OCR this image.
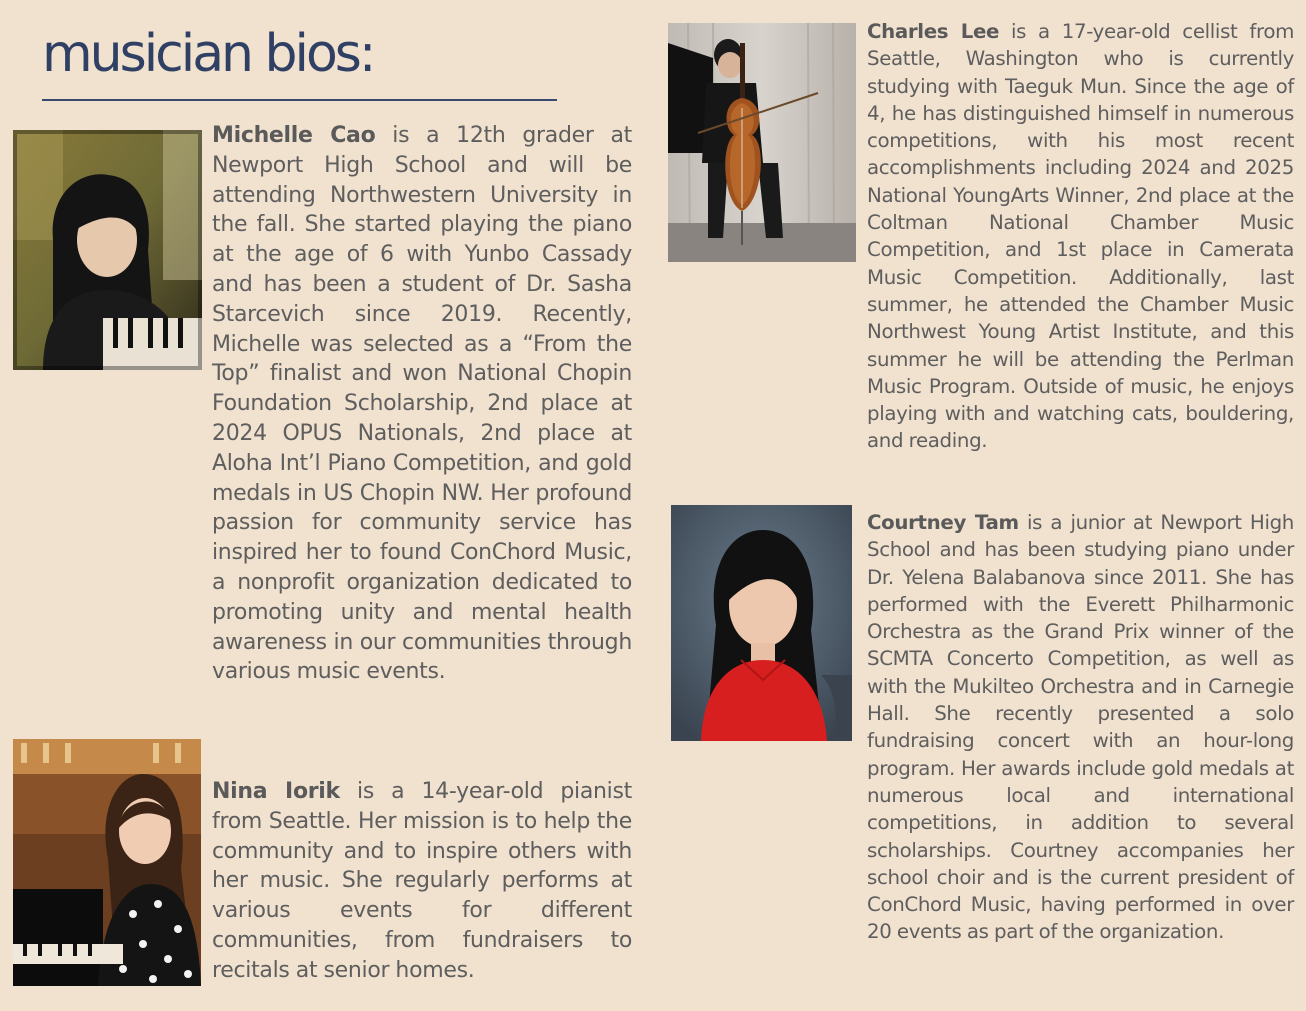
musician bios:

Michelle Cao is a 12th grader at Newport High School and will be attending Northwestern University in the fall. She started playing the piano at the age of 6 with Yunbo Cassady and has been a student of Dr. Sasha Starcevich since 2019. Recently, Michelle was selected as a “From the Top” finalist and won National Chopin Foundation Scholarship, 2nd place at 2024 OPUS Nationals, 2nd place at Aloha Int’l Piano Competition, and gold medals in US Chopin NW. Her profound passion for community service has inspired her to found ConChord Music, a nonprofit organization dedicated to promoting unity and mental health awareness in our communities through various music events.

Nina Iorik is a 14-year-old pianist from Seattle. Her mission is to help the community and to inspire others with her music. She regularly performs at various events for different communities, from fundraisers to recitals at senior homes.

Charles Lee is a 17-year-old cellist from Seattle, Washington who is currently studying with Taeguk Mun. Since the age of 4, he has distinguished himself in numerous competitions, with his most recent accomplishments including 2024 and 2025 National YoungArts Winner, 2nd place at the Coltman National Chamber Music Competition, and 1st place in Camerata Music Competition. Additionally, last summer, he attended the Chamber Music Northwest Young Artist Institute, and this summer he will be attending the Perlman Music Program. Outside of music, he enjoys playing with and watching cats, bouldering, and reading.

Courtney Tam is a junior at Newport High School and has been studying piano under Dr. Yelena Balabanova since 2011. She has performed with the Everett Philharmonic Orchestra as the Grand Prix winner of the SCMTA Concerto Competition, as well as with the Mukilteo Orchestra and in Carnegie Hall. She recently presented a solo fundraising concert with an hour-long program. Her awards include gold medals at numerous local and international competitions, in addition to several scholarships. Courtney accompanies her school choir and is the current president of ConChord Music, having performed in over 20 events as part of the organization.
